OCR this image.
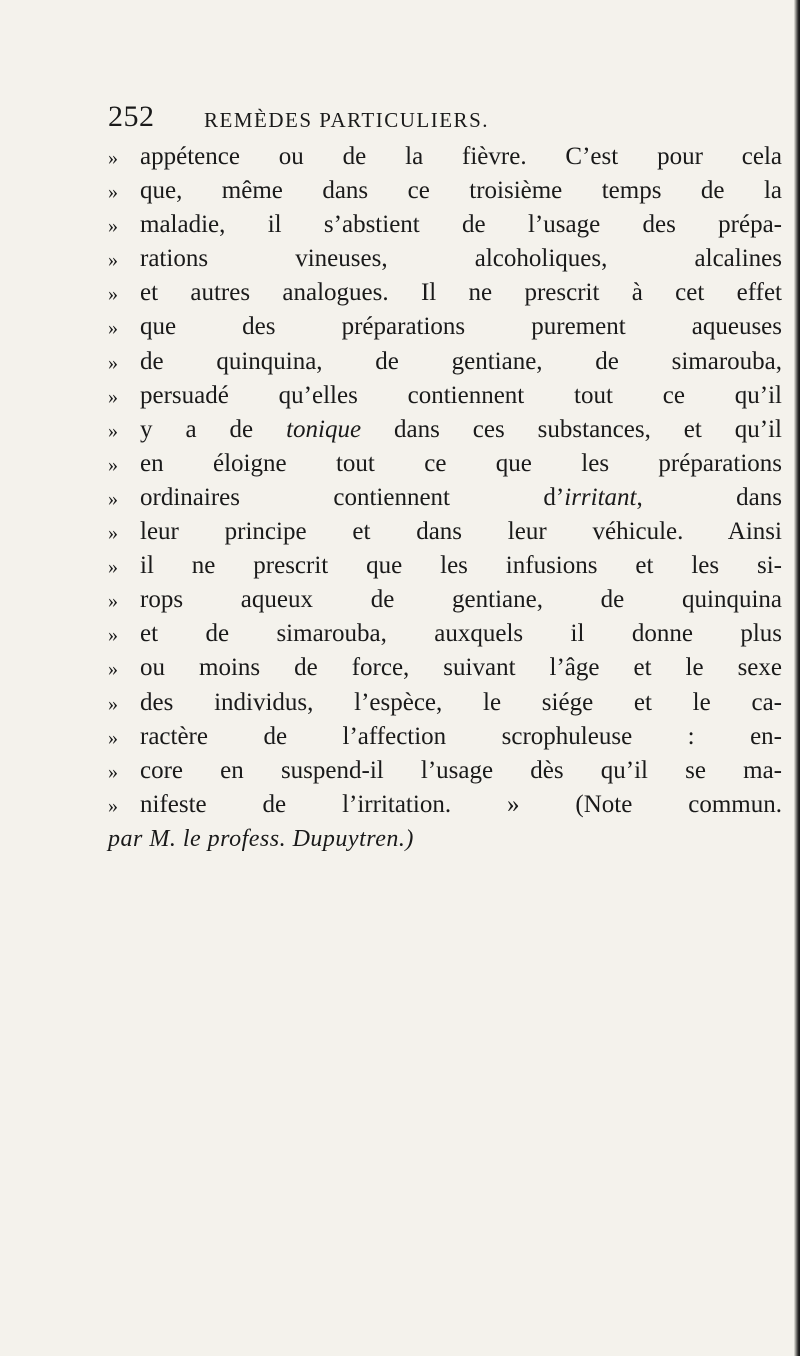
252 REMÈDES PARTICULIERS.
» appétence ou de la fièvre. C’est pour cela
» que, même dans ce troisième temps de la
» maladie, il s’abstient de l’usage des prépa-
» rations vineuses, alcoholiques, alcalines
» et autres analogues. Il ne prescrit à cet effet
» que des préparations purement aqueuses
» de quinquina, de gentiane, de simarouba,
» persuadé qu’elles contiennent tout ce qu’il
» y a de tonique dans ces substances, et qu’il
» en éloigne tout ce que les préparations
» ordinaires contiennent d’irritant, dans
» leur principe et dans leur véhicule. Ainsi
» il ne prescrit que les infusions et les si-
» rops aqueux de gentiane, de quinquina
» et de simarouba, auxquels il donne plus
» ou moins de force, suivant l’âge et le sexe
» des individus, l’espèce, le siége et le ca-
» ractère de l’affection scrophuleuse : en-
» core en suspend-il l’usage dès qu’il se ma-
» nifeste de l’irritation. » (Note commun.
par M. le profess. Dupuytren.)
